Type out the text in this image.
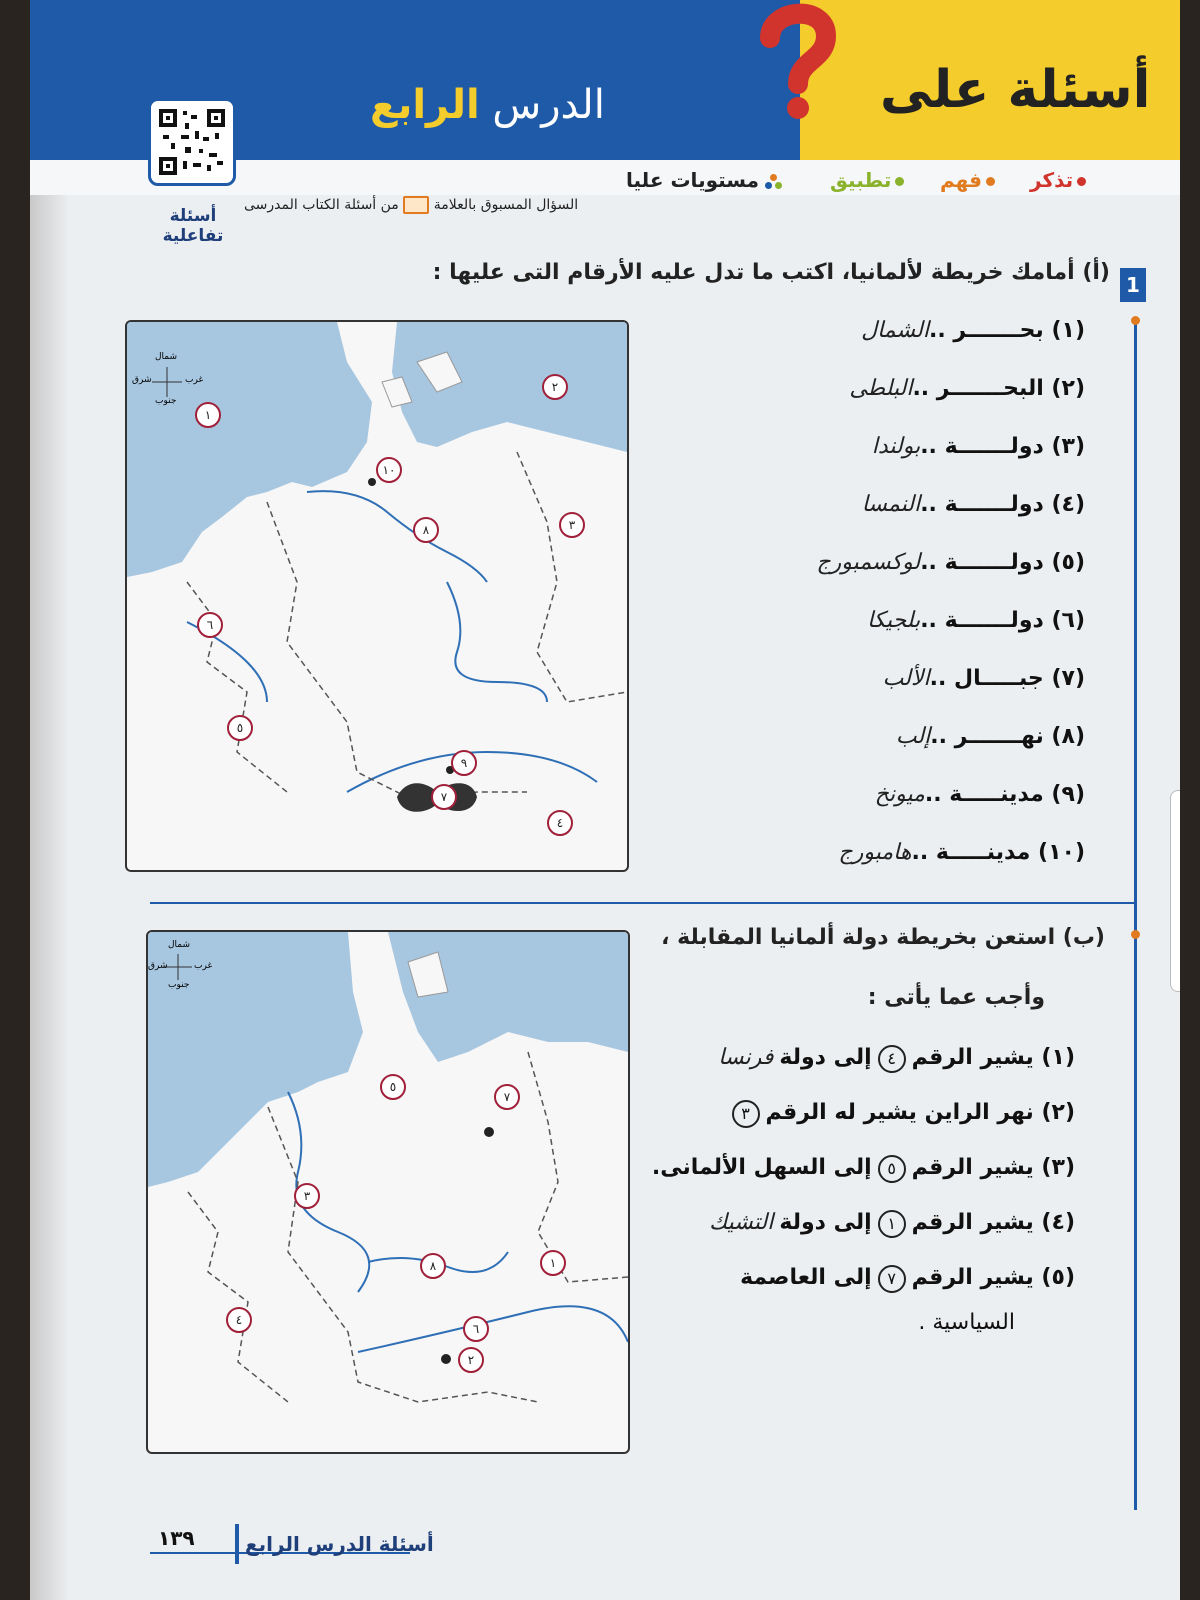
أسئلة على
الدرس الرابع
أسئلة تفاعلية
تذكر
فهم
تطبيق
مستويات عليا
السؤال المسبوق بالعلامة  من أسئلة الكتاب المدرسى
1
(أ) أمامك خريطة لألمانيا، اكتب ما تدل عليه الأرقام التى عليها :
(١) بحـــــــر ..الشمال
(٢) البحـــــــر ..البلطى
(٣) دولـــــــة ..بولندا
(٤) دولـــــــة ..النمسا
(٥) دولـــــــة ..لوكسمبورج
(٦) دولـــــــة ..بلجيكا
(٧) جبـــــال ..الألب
(٨) نهـــــــر ..إلب
(٩) مدينـــــة ..ميونخ
(١٠) مدينـــــة ..هامبورج
شمال
جنوب
شرق	غرب
١
٢
٣
٤
٥
٦
٧
٨
٩
١٠
(ب) استعن بخريطة دولة ألمانيا المقابلة ،
وأجب عما يأتى :
(١) يشير الرقم٤إلى دولةفرنسا
(٢) نهر الراين يشير له الرقم٣
(٣) يشير الرقم٥إلى السهل الألمانى.
(٤) يشير الرقم١إلى دولةالتشيك
(٥) يشير الرقم٧إلى العاصمة
السياسية .
شمال
جنوب
شرق	غرب
١
٢
٣
٤
٥
٦
٧
٨
أسئلة الدرس الرابع
١٣٩
